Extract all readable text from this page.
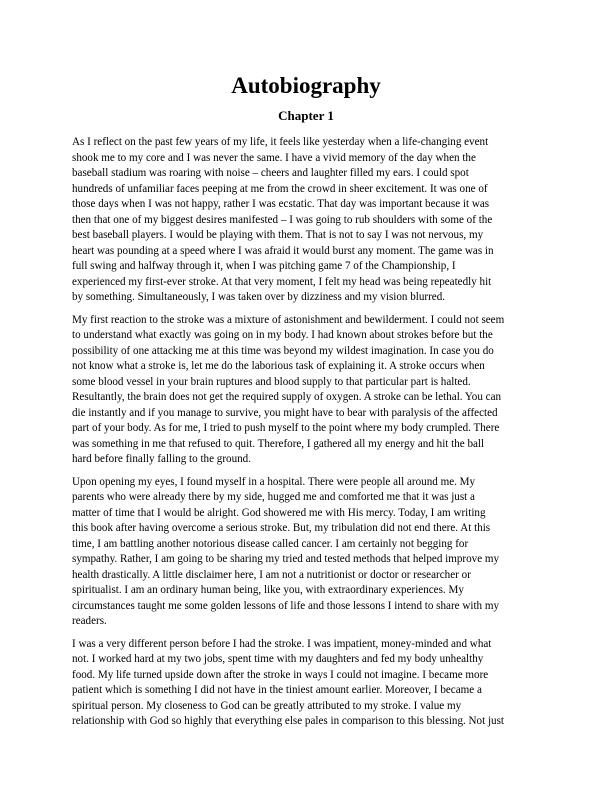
Autobiography
Chapter 1

As I reflect on the past few years of my life, it feels like yesterday when a life-changing event
shook me to my core and I was never the same. I have a vivid memory of the day when the
baseball stadium was roaring with noise – cheers and laughter filled my ears. I could spot
hundreds of unfamiliar faces peeping at me from the crowd in sheer excitement. It was one of
those days when I was not happy, rather I was ecstatic. That day was important because it was
then that one of my biggest desires manifested – I was going to rub shoulders with some of the
best baseball players. I would be playing with them. That is not to say I was not nervous, my
heart was pounding at a speed where I was afraid it would burst any moment. The game was in
full swing and halfway through it, when I was pitching game 7 of the Championship, I
experienced my first-ever stroke. At that very moment, I felt my head was being repeatedly hit
by something. Simultaneously, I was taken over by dizziness and my vision blurred.

My first reaction to the stroke was a mixture of astonishment and bewilderment. I could not seem
to understand what exactly was going on in my body. I had known about strokes before but the
possibility of one attacking me at this time was beyond my wildest imagination. In case you do
not know what a stroke is, let me do the laborious task of explaining it. A stroke occurs when
some blood vessel in your brain ruptures and blood supply to that particular part is halted.
Resultantly, the brain does not get the required supply of oxygen. A stroke can be lethal. You can
die instantly and if you manage to survive, you might have to bear with paralysis of the affected
part of your body. As for me, I tried to push myself to the point where my body crumpled. There
was something in me that refused to quit. Therefore, I gathered all my energy and hit the ball
hard before finally falling to the ground.

Upon opening my eyes, I found myself in a hospital. There were people all around me. My
parents who were already there by my side, hugged me and comforted me that it was just a
matter of time that I would be alright. God showered me with His mercy. Today, I am writing
this book after having overcome a serious stroke. But, my tribulation did not end there. At this
time, I am battling another notorious disease called cancer. I am certainly not begging for
sympathy. Rather, I am going to be sharing my tried and tested methods that helped improve my
health drastically. A little disclaimer here, I am not a nutritionist or doctor or researcher or
spiritualist. I am an ordinary human being, like you, with extraordinary experiences. My
circumstances taught me some golden lessons of life and those lessons I intend to share with my
readers.

I was a very different person before I had the stroke. I was impatient, money-minded and what
not. I worked hard at my two jobs, spent time with my daughters and fed my body unhealthy
food. My life turned upside down after the stroke in ways I could not imagine. I became more
patient which is something I did not have in the tiniest amount earlier. Moreover, I became a
spiritual person. My closeness to God can be greatly attributed to my stroke. I value my
relationship with God so highly that everything else pales in comparison to this blessing. Not just
